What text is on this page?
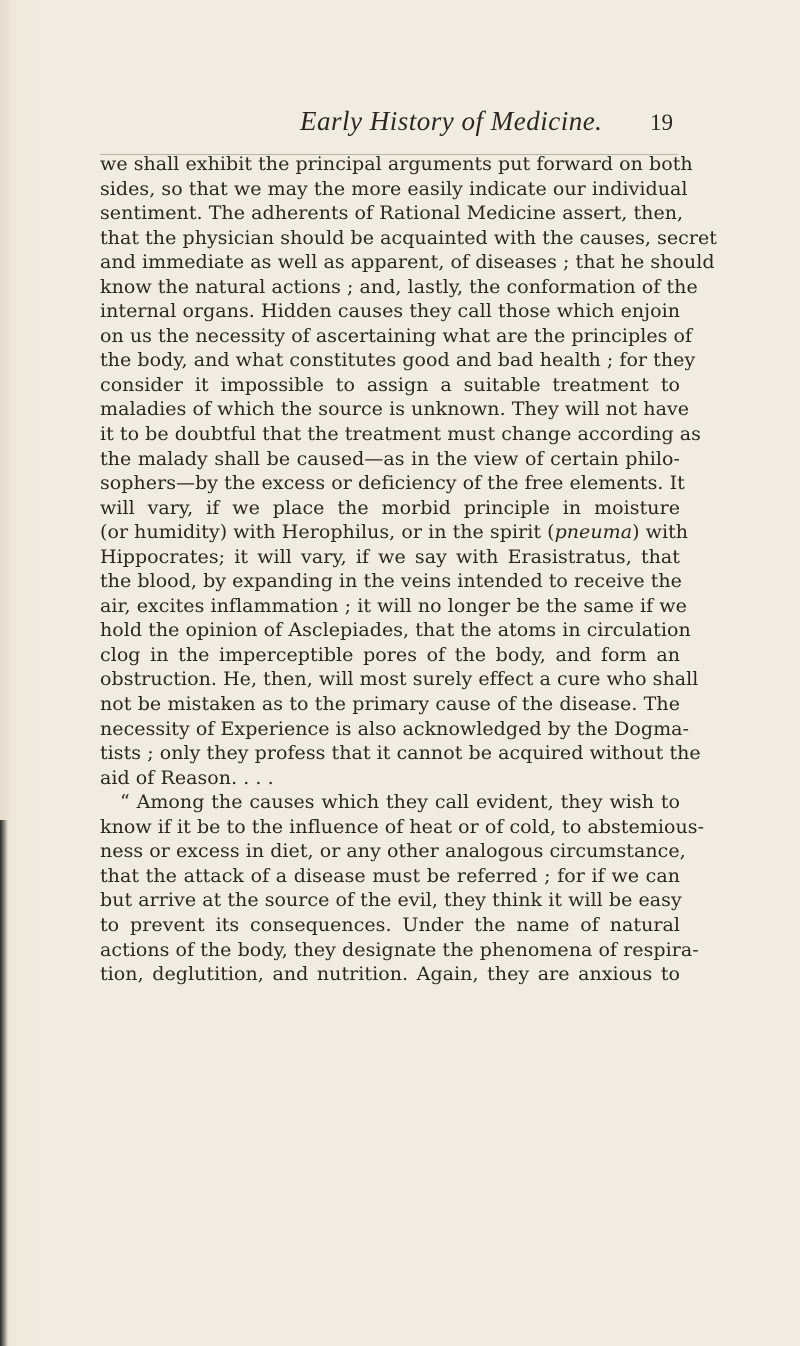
Early History of Medicine. 19
we shall exhibit the principal arguments put forward on both
sides, so that we may the more easily indicate our individual
sentiment. The adherents of Rational Medicine assert, then,
that the physician should be acquainted with the causes, secret
and immediate as well as apparent, of diseases ; that he should
know the natural actions ; and, lastly, the conformation of the
internal organs. Hidden causes they call those which enjoin
on us the necessity of ascertaining what are the principles of
the body, and what constitutes good and bad health ; for they
consider it impossible to assign a suitable treatment to
maladies of which the source is unknown. They will not have
it to be doubtful that the treatment must change according as
the malady shall be caused—as in the view of certain philo-
sophers—by the excess or deficiency of the free elements. It
will vary, if we place the morbid principle in moisture
(or humidity) with Herophilus, or in the spirit (pneuma) with
Hippocrates; it will vary, if we say with Erasistratus, that
the blood, by expanding in the veins intended to receive the
air, excites inflammation ; it will no longer be the same if we
hold the opinion of Asclepiades, that the atoms in circulation
clog in the imperceptible pores of the body, and form an
obstruction. He, then, will most surely effect a cure who shall
not be mistaken as to the primary cause of the disease. The
necessity of Experience is also acknowledged by the Dogma-
tists ; only they profess that it cannot be acquired without the
aid of Reason. . . .
“ Among the causes which they call evident, they wish to
know if it be to the influence of heat or of cold, to abstemious-
ness or excess in diet, or any other analogous circumstance,
that the attack of a disease must be referred ; for if we can
but arrive at the source of the evil, they think it will be easy
to prevent its consequences. Under the name of natural
actions of the body, they designate the phenomena of respira-
tion, deglutition, and nutrition. Again, they are anxious to
